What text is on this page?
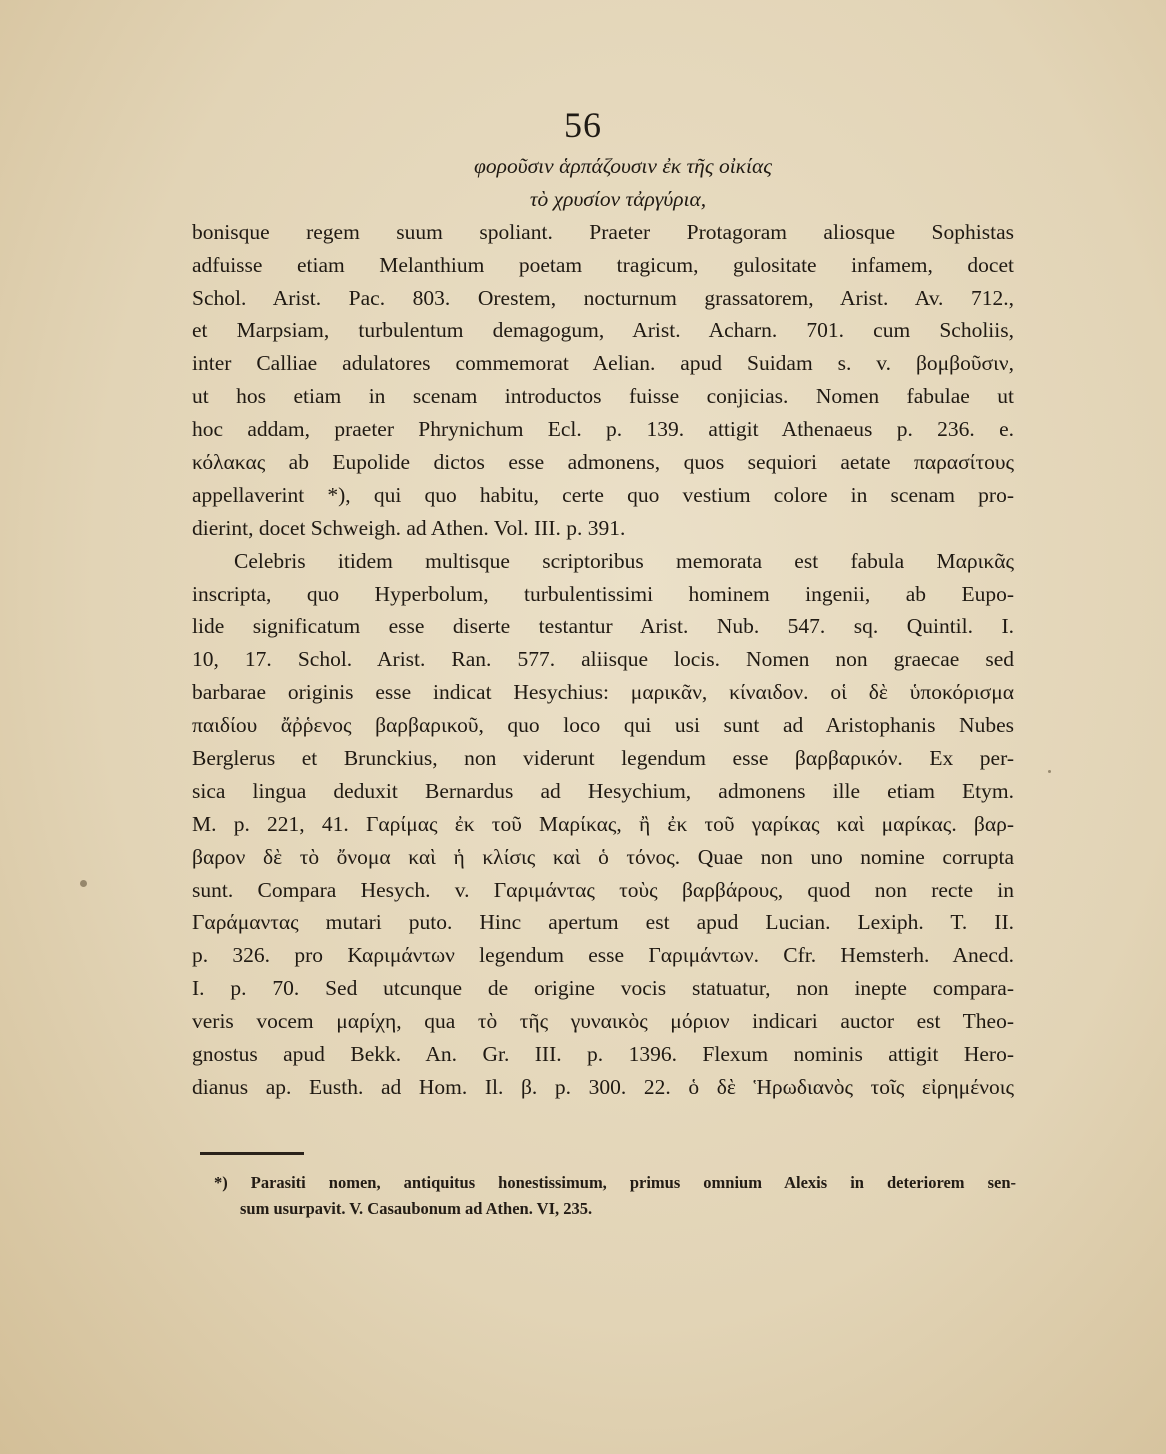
56
φοροῦσιν ἁρπάζουσιν ἐκ τῆς οἰκίας
τὸ χρυσίον τἀργύρια,
bonisque regem suum spoliant. Praeter Protagoram aliosque Sophistas
adfuisse etiam Melanthium poetam tragicum, gulositate infamem, docet
Schol. Arist. Pac. 803. Orestem, nocturnum grassatorem, Arist. Av. 712.,
et Marpsiam, turbulentum demagogum, Arist. Acharn. 701. cum Scholiis,
inter Calliae adulatores commemorat Aelian. apud Suidam s. v. βομβοῦσιν,
ut hos etiam in scenam introductos fuisse conjicias. Nomen fabulae ut
hoc addam, praeter Phrynichum Ecl. p. 139. attigit Athenaeus p. 236. e.
κόλακας ab Eupolide dictos esse admonens, quos sequiori aetate παρασίτους
appellaverint *), qui quo habitu, certe quo vestium colore in scenam pro-
dierint, docet Schweigh. ad Athen. Vol. III. p. 391.
Celebris itidem multisque scriptoribus memorata est fabula Μαρικᾶς
inscripta, quo Hyperbolum, turbulentissimi hominem ingenii, ab Eupo-
lide significatum esse diserte testantur Arist. Nub. 547. sq. Quintil. I.
10, 17. Schol. Arist. Ran. 577. aliisque locis. Nomen non graecae sed
barbarae originis esse indicat Hesychius: μαρικᾶν, κίναιδον. οἱ δὲ ὑποκόρισμα
παιδίου ἄῤῥενος βαρβαρικοῦ, quo loco qui usi sunt ad Aristophanis Nubes
Berglerus et Brunckius, non viderunt legendum esse βαρβαρικόν. Ex per-
sica lingua deduxit Bernardus ad Hesychium, admonens ille etiam Etym.
M. p. 221, 41. Γαρίμας ἐκ τοῦ Μαρίκας, ἢ ἐκ τοῦ γαρίκας καὶ μαρίκας. βαρ-
βαρον δὲ τὸ ὄνομα καὶ ἡ κλίσις καὶ ὁ τόνος. Quae non uno nomine corrupta
sunt. Compara Hesych. v. Γαριμάντας τοὺς βαρβάρους, quod non recte in
Γαράμαντας mutari puto. Hinc apertum est apud Lucian. Lexiph. T. II.
p. 326. pro Καριμάντων legendum esse Γαριμάντων. Cfr. Hemsterh. Anecd.
I. p. 70. Sed utcunque de origine vocis statuatur, non inepte compara-
veris vocem μαρίχη, qua τὸ τῆς γυναικὸς μόριον indicari auctor est Theo-
gnostus apud Bekk. An. Gr. III. p. 1396. Flexum nominis attigit Hero-
dianus ap. Eusth. ad Hom. Il. β. p. 300. 22. ὁ δὲ Ἡρωδιανὸς τοῖς εἰρημένοις
*) Parasiti nomen, antiquitus honestissimum, primus omnium Alexis in deteriorem sen-
sum usurpavit. V. Casaubonum ad Athen. VI, 235.
